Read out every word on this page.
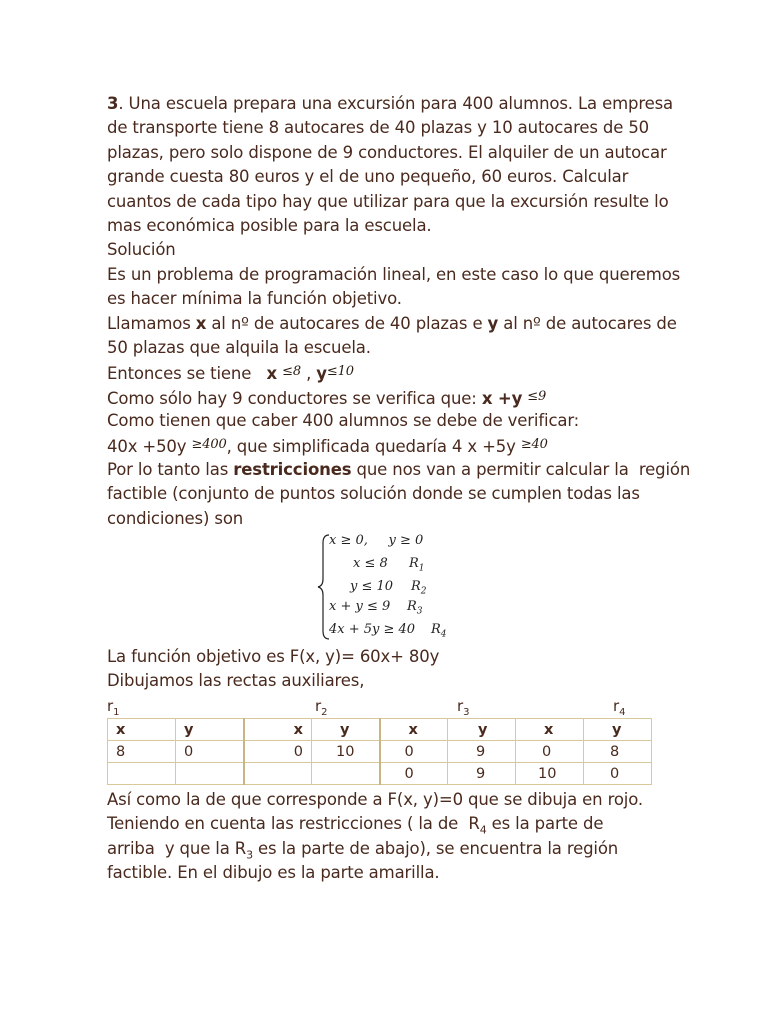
3. Una escuela prepara una excursión para 400 alumnos. La empresa
de transporte tiene 8 autocares de 40 plazas y 10 autocares de 50
plazas, pero solo dispone de 9 conductores. El alquiler de un autocar
grande cuesta 80 euros y el de uno pequeño, 60 euros. Calcular
cuantos de cada tipo hay que utilizar para que la excursión resulte lo
mas económica posible para la escuela.
Solución
Es un problema de programación lineal, en este caso lo que queremos
es hacer mínima la función objetivo.
Llamamos x al nº de autocares de 40 plazas e y al nº de autocares de
50 plazas que alquila la escuela.
Entonces se tiene   x $^{\le 8}$ , $y^{\le 10}$
Como sólo hay 9 conductores se verifica que: x +y $^{\le 9}$
Como tienen que caber 400 alumnos se debe de verificar:
40x +50y $^{\ge 400}$, que simplificada quedaría 4 x +5y $^{\ge 40}$
Por lo tanto las restricciones que nos van a permitir calcular la  región
factible (conjunto de puntos solución donde se cumplen todas las
condiciones) son
x ≥ 0,     y ≥ 0
x ≤ 8 $R_1$
y ≤ 10 $R_2$
x + y ≤ 9 $R_3$
4x + 5y ≥ 40 $R_4$
La función objetivo es F(x, y)= 60x+ 80y
Dibujamos las rectas auxiliares,
$r_1$	$r_2$	$r_3$	$r_4$
x	y	x	y	x	y	x	y
8	0	0	10	0	9	0	8
				0	9	10	0
Así como la de que corresponde a F(x, y)=0 que se dibuja en rojo.
Teniendo en cuenta las restricciones ( la de  $R_4$ es la parte de
arriba  y que la $R_3$ es la parte de abajo), se encuentra la región
factible. En el dibujo es la parte amarilla.
